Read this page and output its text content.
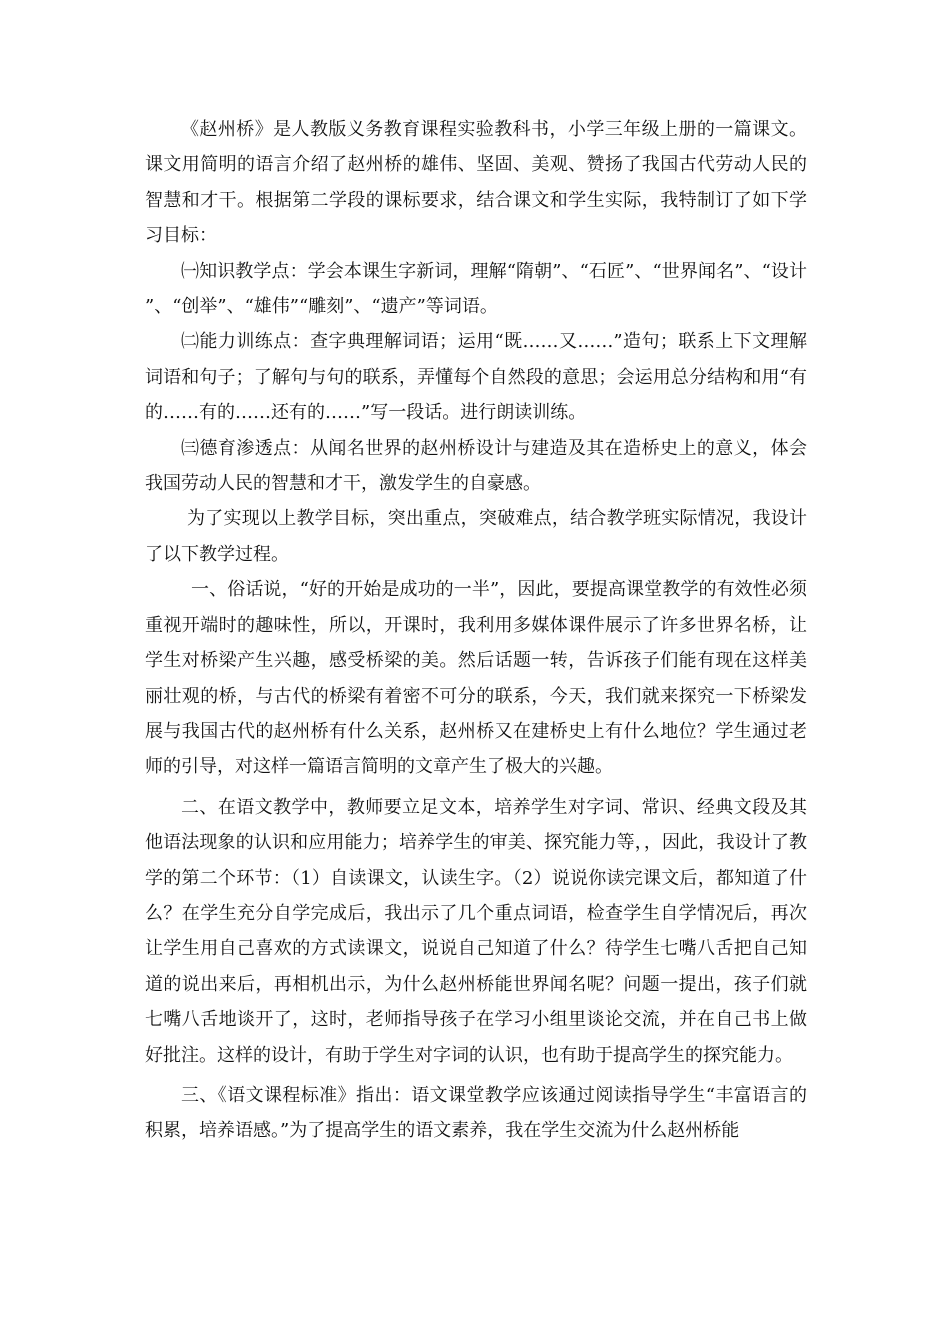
《赵州桥》是人教版义务教育课程实验教科书，小学三年级上册的一篇课文。课文用简明的语言介绍了赵州桥的雄伟、坚固、美观、赞扬了我国古代劳动人民的智慧和才干。根据第二学段的课标要求，结合课文和学生实际，我特制订了如下学习目标：

㈠知识教学点：学会本课生字新词，理解“隋朝”、“石匠”、“世界闻名”、“设计”、“创举”、“雄伟”“雕刻”、“遗产”等词语。

㈡能力训练点：查字典理解词语；运用“既……又……”造句；联系上下文理解词语和句子；了解句与句的联系，弄懂每个自然段的意思；会运用总分结构和用“有的……有的……还有的……”写一段话。进行朗读训练。

㈢德育渗透点：从闻名世界的赵州桥设计与建造及其在造桥史上的意义，体会我国劳动人民的智慧和才干，激发学生的自豪感。

为了实现以上教学目标，突出重点，突破难点，结合教学班实际情况，我设计了以下教学过程。

一、俗话说，“好的开始是成功的一半”，因此，要提高课堂教学的有效性必须重视开端时的趣味性，所以，开课时，我利用多媒体课件展示了许多世界名桥，让学生对桥梁产生兴趣，感受桥梁的美。然后话题一转，告诉孩子们能有现在这样美丽壮观的桥，与古代的桥梁有着密不可分的联系，今天，我们就来探究一下桥梁发展与我国古代的赵州桥有什么关系，赵州桥又在建桥史上有什么地位？学生通过老师的引导，对这样一篇语言简明的文章产生了极大的兴趣。

二、在语文教学中，教师要立足文本，培养学生对字词、常识、经典文段及其他语法现象的认识和应用能力；培养学生的审美、探究能力等，，因此，我设计了教学的第二个环节：（1）自读课文，认读生字。（2）说说你读完课文后，都知道了什么？在学生充分自学完成后，我出示了几个重点词语，检查学生自学情况后，再次让学生用自己喜欢的方式读课文，说说自己知道了什么？待学生七嘴八舌把自己知道的说出来后，再相机出示，为什么赵州桥能世界闻名呢？问题一提出，孩子们就七嘴八舌地谈开了，这时，老师指导孩子在学习小组里谈论交流，并在自己书上做好批注。这样的设计，有助于学生对字词的认识，也有助于提高学生的探究能力。

三、《语文课程标准》指出：语文课堂教学应该通过阅读指导学生“丰富语言的积累，培养语感。”为了提高学生的语文素养，我在学生交流为什么赵州桥能
